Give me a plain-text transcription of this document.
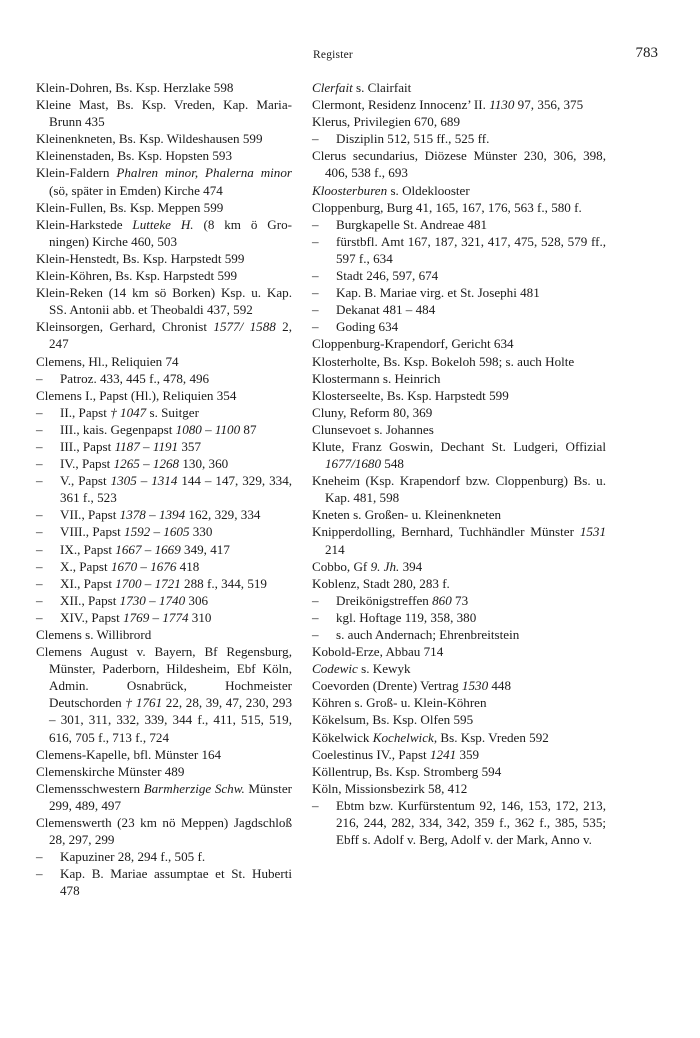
Register	783
Klein-Dohren, Bs. Ksp. Herzlake 598
Kleine Mast, Bs. Ksp. Vreden, Kap. Maria-Brunn 435
Kleinenkneten, Bs. Ksp. Wildeshausen 599
Kleinenstaden, Bs. Ksp. Hopsten 593
Klein-Faldern Phalren minor, Phalerna minor (sö, später in Emden) Kirche 474
Klein-Fullen, Bs. Ksp. Meppen 599
Klein-Harkstede Lutteke H. (8 km ö Gro-ningen) Kirche 460, 503
Klein-Henstedt, Bs. Ksp. Harpstedt 599
Klein-Köhren, Bs. Ksp. Harpstedt 599
Klein-Reken (14 km sö Borken) Ksp. u. Kap. SS. Antonii abb. et Theobaldi 437, 592
Kleinsorgen, Gerhard, Chronist 1577/ 1588 2, 247
Clemens, Hl., Reliquien 74
– Patroz. 433, 445 f., 478, 496
Clemens I., Papst (Hl.), Reliquien 354
– II., Papst † 1047 s. Suitger
– III., kais. Gegenpapst 1080 – 1100 87
– III., Papst 1187 – 1191 357
– IV., Papst 1265 – 1268 130, 360
– V., Papst 1305 – 1314 144 – 147, 329, 334, 361 f., 523
– VII., Papst 1378 – 1394 162, 329, 334
– VIII., Papst 1592 – 1605 330
– IX., Papst 1667 – 1669 349, 417
– X., Papst 1670 – 1676 418
– XI., Papst 1700 – 1721 288 f., 344, 519
– XII., Papst 1730 – 1740 306
– XIV., Papst 1769 – 1774 310
Clemens s. Willibrord
Clemens August v. Bayern, Bf Regensburg, Münster, Paderborn, Hildesheim, Ebf Köln, Admin. Osnabrück, Hochmeister Deutschorden † 1761 22, 28, 39, 47, 230, 293 – 301, 311, 332, 339, 344 f., 411, 515, 519, 616, 705 f., 713 f., 724
Clemens-Kapelle, bfl. Münster 164
Clemenskirche Münster 489
Clemensschwestern Barmherzige Schw. Münster 299, 489, 497
Clemenswerth (23 km nö Meppen) Jagdschloß 28, 297, 299
– Kapuziner 28, 294 f., 505 f.
– Kap. B. Mariae assumptae et St. Huberti 478
Clerfait s. Clairfait
Clermont, Residenz Innocenz’ II. 1130 97, 356, 375
Klerus, Privilegien 670, 689
– Disziplin 512, 515 ff., 525 ff.
Clerus secundarius, Diözese Münster 230, 306, 398, 406, 538 f., 693
Kloosterburen s. Oldeklooster
Cloppenburg, Burg 41, 165, 167, 176, 563 f., 580 f.
– Burgkapelle St. Andreae 481
– fürstbfl. Amt 167, 187, 321, 417, 475, 528, 579 ff., 597 f., 634
– Stadt 246, 597, 674
– Kap. B. Mariae virg. et St. Josephi 481
– Dekanat 481 – 484
– Goding 634
Cloppenburg-Krapendorf, Gericht 634
Klosterholte, Bs. Ksp. Bokeloh 598; s. auch Holte
Klostermann s. Heinrich
Klosterseelte, Bs. Ksp. Harpstedt 599
Cluny, Reform 80, 369
Clunsevoet s. Johannes
Klute, Franz Goswin, Dechant St. Ludgeri, Offizial 1677/1680 548
Kneheim (Ksp. Krapendorf bzw. Cloppenburg) Bs. u. Kap. 481, 598
Kneten s. Großen- u. Kleinenkneten
Knipperdolling, Bernhard, Tuchhändler Münster 1531 214
Cobbo, Gf 9. Jh. 394
Koblenz, Stadt 280, 283 f.
– Dreikönigstreffen 860 73
– kgl. Hoftage 119, 358, 380
– s. auch Andernach; Ehrenbreitstein
Kobold-Erze, Abbau 714
Codewic s. Kewyk
Coevorden (Drente) Vertrag 1530 448
Köhren s. Groß- u. Klein-Köhren
Kökelsum, Bs. Ksp. Olfen 595
Kökelwick Kochelwick, Bs. Ksp. Vreden 592
Coelestinus IV., Papst 1241 359
Köllentrup, Bs. Ksp. Stromberg 594
Köln, Missionsbezirk 58, 412
– Ebtm bzw. Kurfürstentum 92, 146, 153, 172, 213, 216, 244, 282, 334, 342, 359 f., 362 f., 385, 535; Ebff s. Adolf v. Berg, Adolf v. der Mark, Anno v.
